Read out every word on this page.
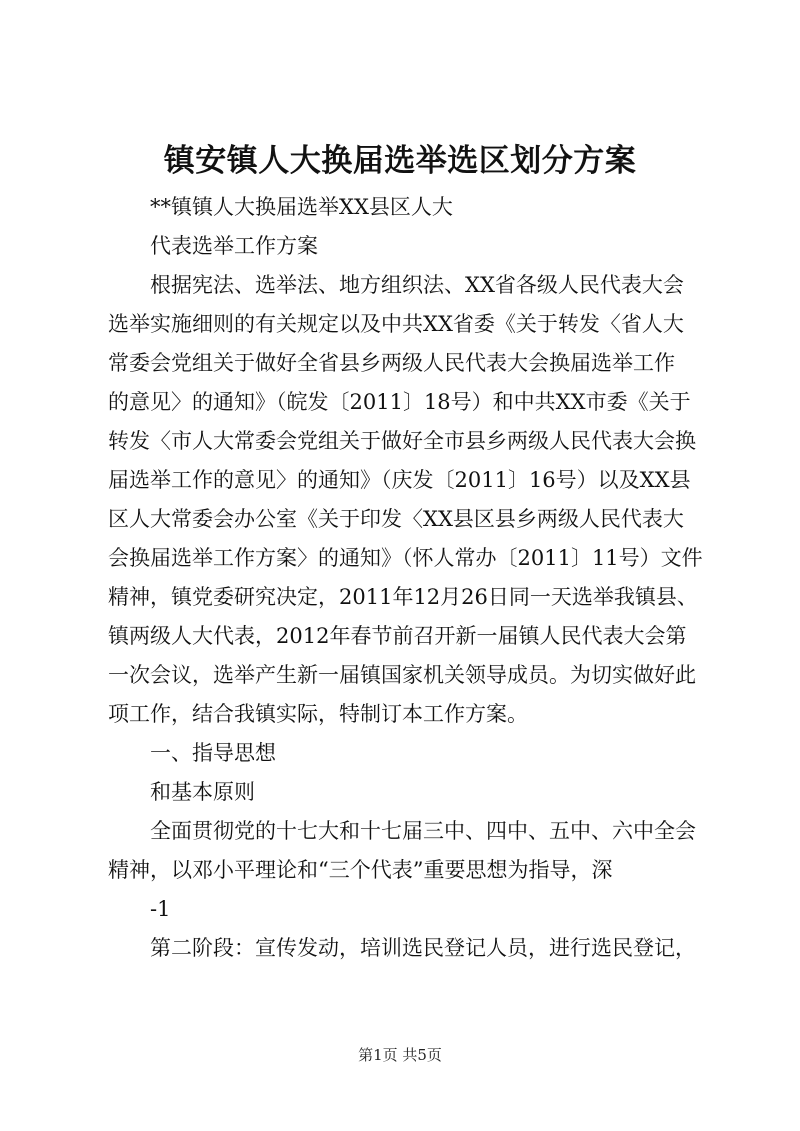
镇安镇人大换届选举选区划分方案
**镇镇人大换届选举XX县区人大
代表选举工作方案
根据宪法、选举法、地方组织法、XX省各级人民代表大会
选举实施细则的有关规定以及中共XX省委《关于转发〈省人大
常委会党组关于做好全省县乡两级人民代表大会换届选举工作
的意见〉的通知》（皖发〔2011〕18号）和中共XX市委《关于
转发〈市人大常委会党组关于做好全市县乡两级人民代表大会换
届选举工作的意见〉的通知》（庆发〔2011〕16号）以及XX县
区人大常委会办公室《关于印发〈XX县区县乡两级人民代表大
会换届选举工作方案〉的通知》（怀人常办〔2011〕11号）文件
精神，镇党委研究决定，2011年12月26日同一天选举我镇县、
镇两级人大代表，2012年春节前召开新一届镇人民代表大会第
一次会议，选举产生新一届镇国家机关领导成员。为切实做好此
项工作，结合我镇实际，特制订本工作方案。
一、指导思想
和基本原则
全面贯彻党的十七大和十七届三中、四中、五中、六中全会
精神，以邓小平理论和“三个代表”重要思想为指导，深
-1
第二阶段：宣传发动，培训选民登记人员，进行选民登记，
第1页 共5页
